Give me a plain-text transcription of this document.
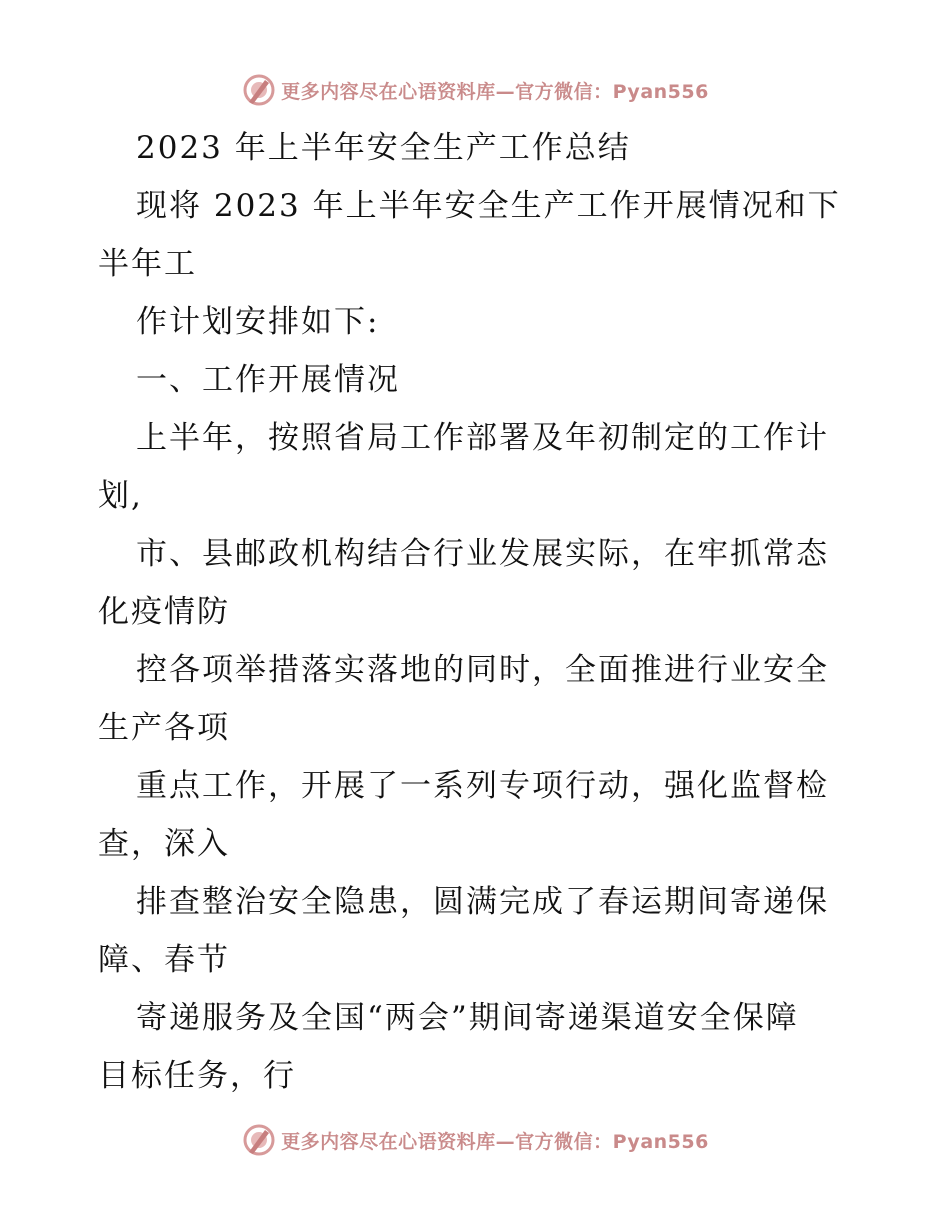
更多内容尽在心语资料库—官方微信：Pyan556
2023 年上半年安全生产工作总结
现将 2023 年上半年安全生产工作开展情况和下
半年工
作计划安排如下:
一、工作开展情况
上半年，按照省局工作部署及年初制定的工作计
划,
市、县邮政机构结合行业发展实际，在牢抓常态
化疫情防
控各项举措落实落地的同时，全面推进行业安全
生产各项
重点工作，开展了一系列专项行动，强化监督检
查，深入
排查整治安全隐患，圆满完成了春运期间寄递保
障、春节
寄递服务及全国“两会”期间寄递渠道安全保障
目标任务，行
更多内容尽在心语资料库—官方微信：Pyan556
